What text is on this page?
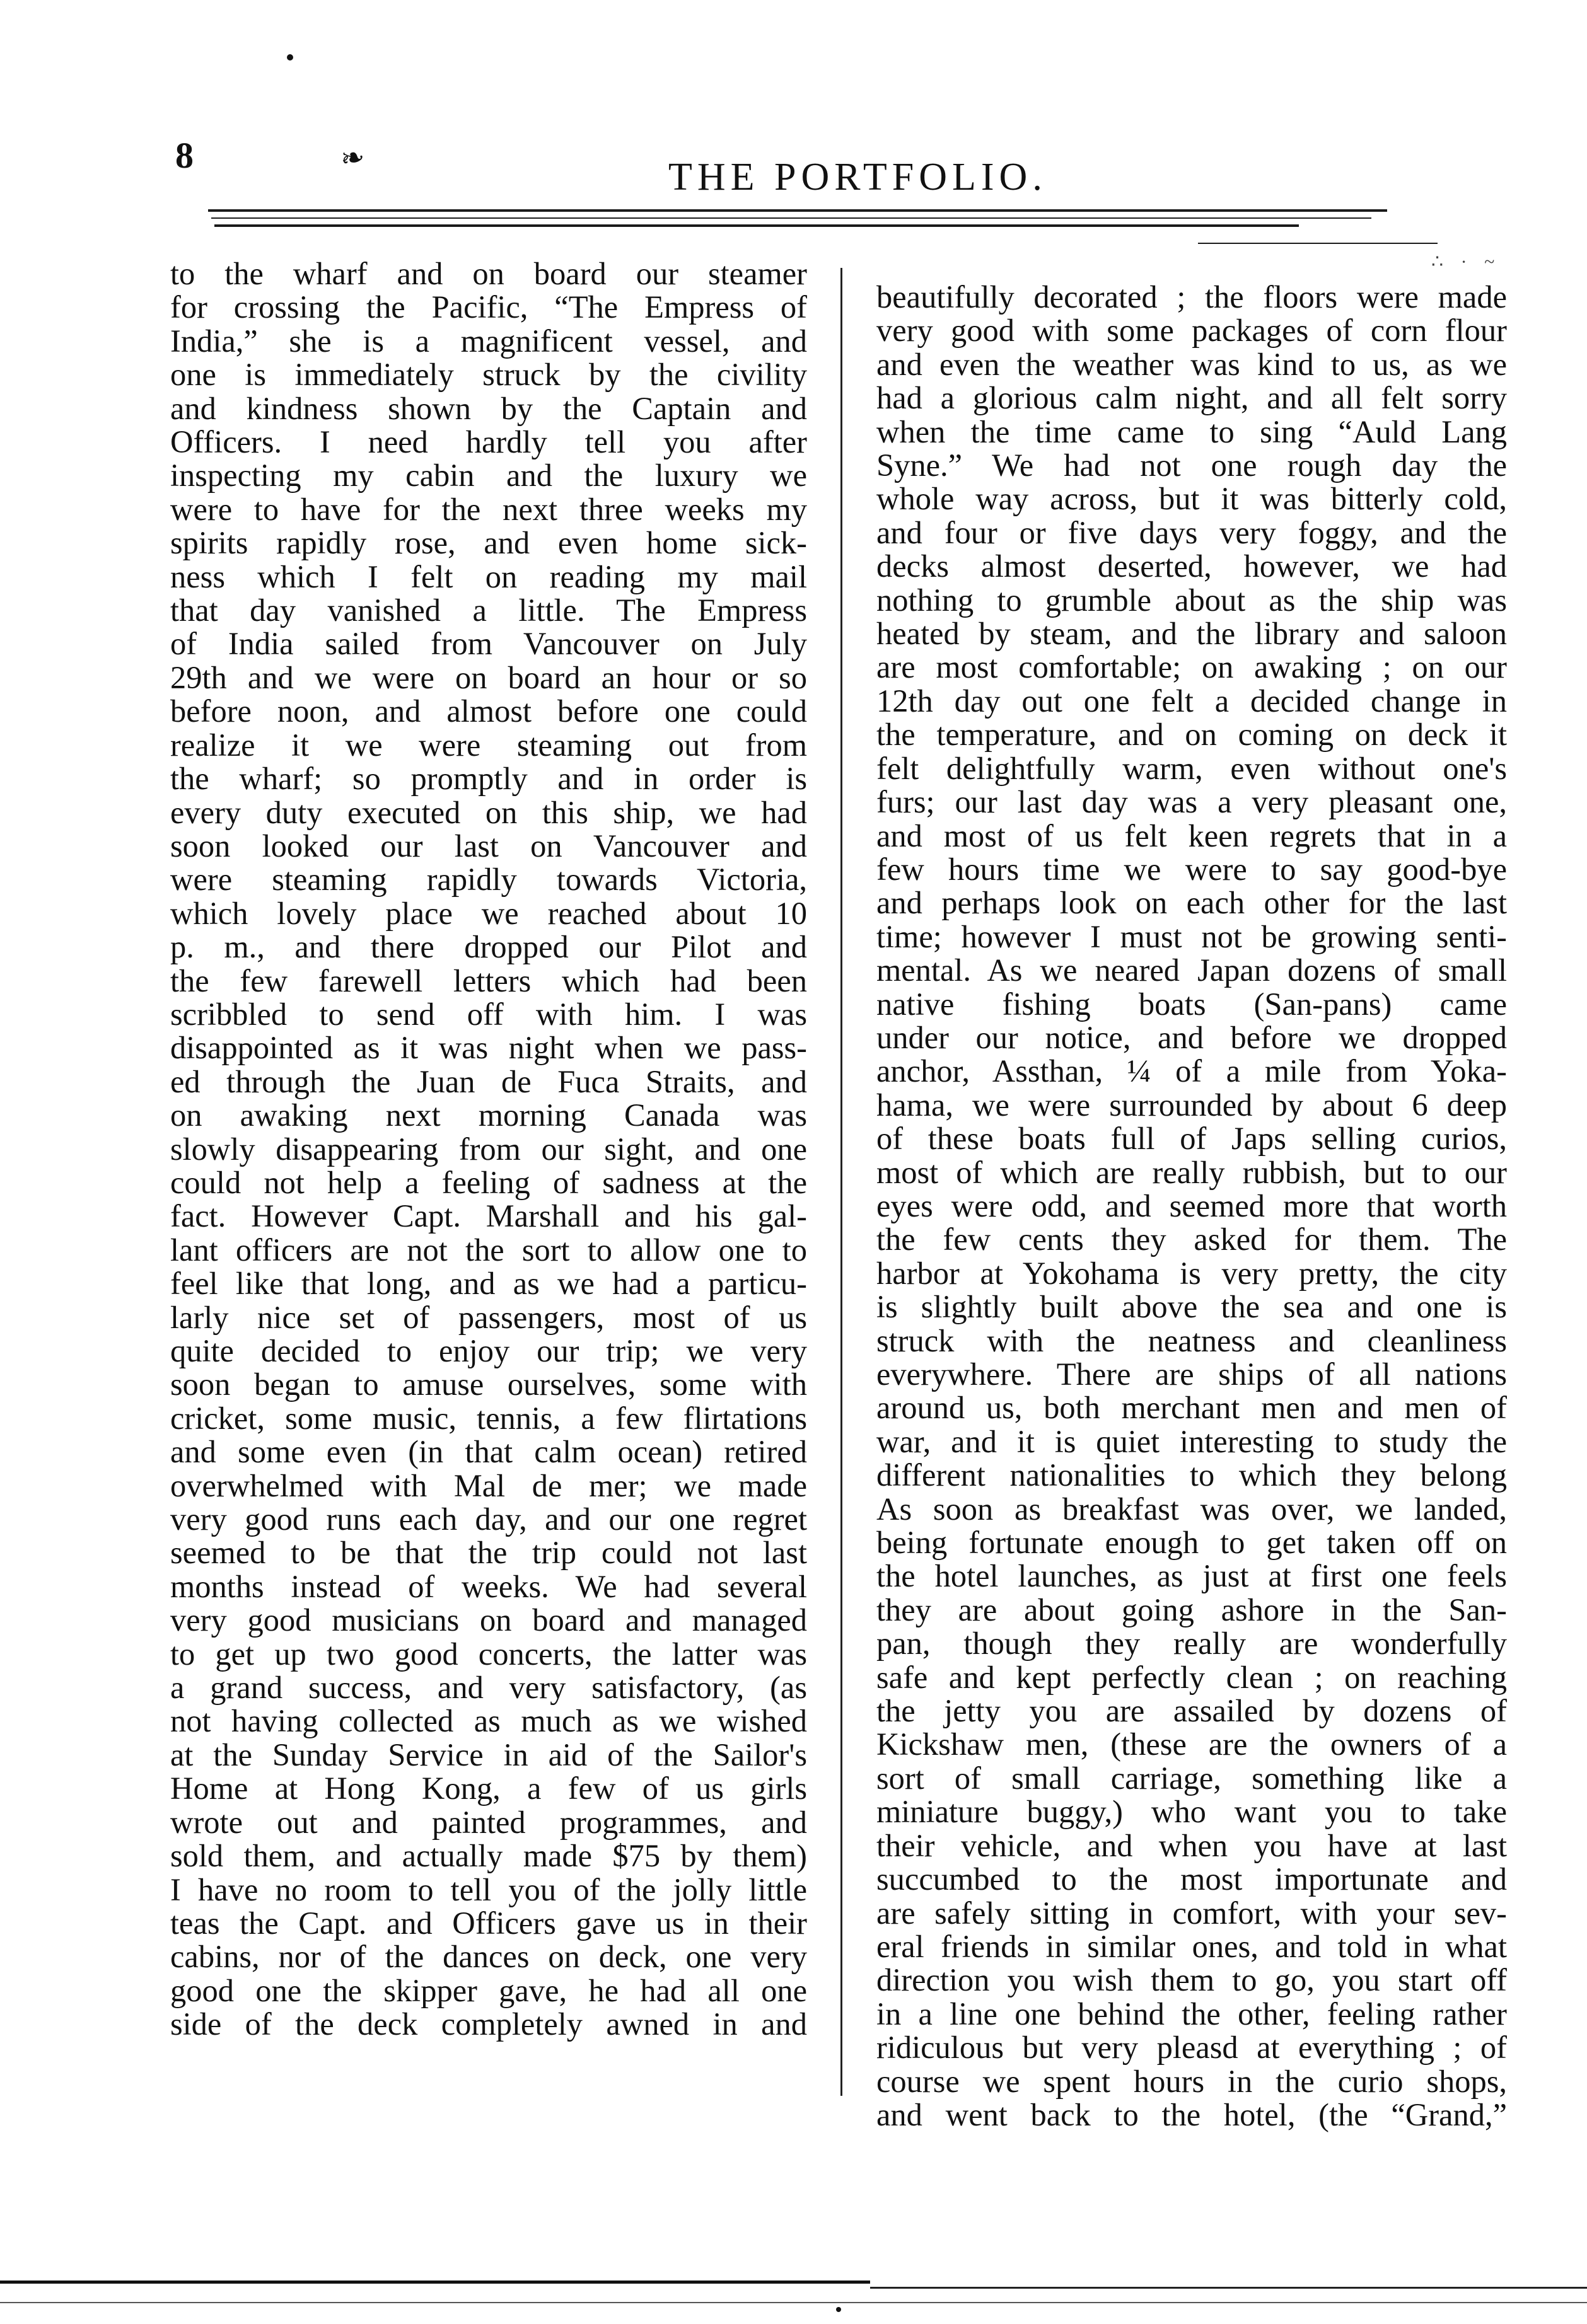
8	❧	THE PORTFOLIO.
∴ · ~
to the wharf and on board our steamer
for crossing the Pacific, “The Empress of
India,” she is a magnificent vessel, and
one is immediately struck by the civility
and kindness shown by the Captain and
Officers. I need hardly tell you after
inspecting my cabin and the luxury we
were to have for the next three weeks my
spirits rapidly rose, and even home sick-
ness which I felt on reading my mail
that day vanished a little. The Empress
of India sailed from Vancouver on July
29th and we were on board an hour or so
before noon, and almost before one could
realize it we were steaming out from
the wharf; so promptly and in order is
every duty executed on this ship, we had
soon looked our last on Vancouver and
were steaming rapidly towards Victoria,
which lovely place we reached about 10
p. m., and there dropped our Pilot and
the few farewell letters which had been
scribbled to send off with him. I was
disappointed as it was night when we pass-
ed through the Juan de Fuca Straits, and
on awaking next morning Canada was
slowly disappearing from our sight, and one
could not help a feeling of sadness at the
fact. However Capt. Marshall and his gal-
lant officers are not the sort to allow one to
feel like that long, and as we had a particu-
larly nice set of passengers, most of us
quite decided to enjoy our trip; we very
soon began to amuse ourselves, some with
cricket, some music, tennis, a few flirtations
and some even (in that calm ocean) retired
overwhelmed with Mal de mer; we made
very good runs each day, and our one regret
seemed to be that the trip could not last
months instead of weeks. We had several
very good musicians on board and managed
to get up two good concerts, the latter was
a grand success, and very satisfactory, (as
not having collected as much as we wished
at the Sunday Service in aid of the Sailor's
Home at Hong Kong, a few of us girls
wrote out and painted programmes, and
sold them, and actually made $75 by them)
I have no room to tell you of the jolly little
teas the Capt. and Officers gave us in their
cabins, nor of the dances on deck, one very
good one the skipper gave, he had all one
side of the deck completely awned in and
beautifully decorated ; the floors were made
very good with some packages of corn flour
and even the weather was kind to us, as we
had a glorious calm night, and all felt sorry
when the time came to sing “Auld Lang
Syne.” We had not one rough day the
whole way across, but it was bitterly cold,
and four or five days very foggy, and the
decks almost deserted, however, we had
nothing to grumble about as the ship was
heated by steam, and the library and saloon
are most comfortable; on awaking ; on our
12th day out one felt a decided change in
the temperature, and on coming on deck it
felt delightfully warm, even without one's
furs; our last day was a very pleasant one,
and most of us felt keen regrets that in a
few hours time we were to say good-bye
and perhaps look on each other for the last
time; however I must not be growing senti-
mental. As we neared Japan dozens of small
native fishing boats (San-pans) came
under our notice, and before we dropped
anchor, Assthan, ¼ of a mile from Yoka-
hama, we were surrounded by about 6 deep
of these boats full of Japs selling curios,
most of which are really rubbish, but to our
eyes were odd, and seemed more that worth
the few cents they asked for them. The
harbor at Yokohama is very pretty, the city
is slightly built above the sea and one is
struck with the neatness and cleanliness
everywhere. There are ships of all nations
around us, both merchant men and men of
war, and it is quiet interesting to study the
different nationalities to which they belong
As soon as breakfast was over, we landed,
being fortunate enough to get taken off on
the hotel launches, as just at first one feels
they are about going ashore in the San-
pan, though they really are wonderfully
safe and kept perfectly clean ; on reaching
the jetty you are assailed by dozens of
Kickshaw men, (these are the owners of a
sort of small carriage, something like a
miniature buggy,) who want you to take
their vehicle, and when you have at last
succumbed to the most importunate and
are safely sitting in comfort, with your sev-
eral friends in similar ones, and told in what
direction you wish them to go, you start off
in a line one behind the other, feeling rather
ridiculous but very pleasd at everything ; of
course we spent hours in the curio shops,
and went back to the hotel, (the “Grand,”
